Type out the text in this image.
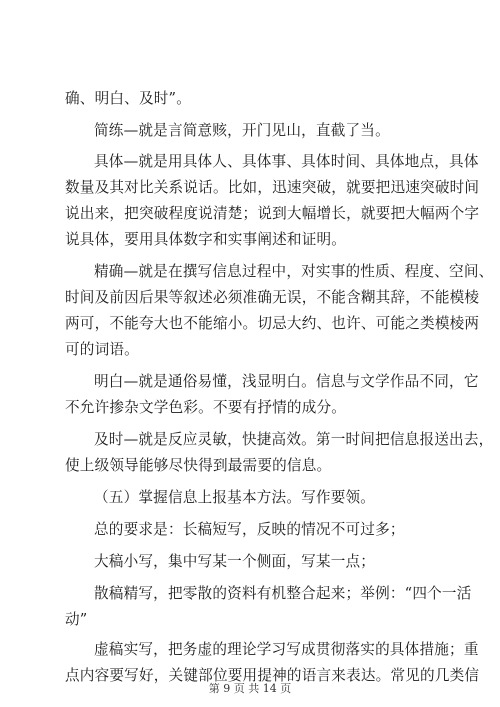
确、明白、及时”。
简练—就是言简意赅，开门见山，直截了当。
具体—就是用具体人、具体事、具体时间、具体地点，具体
数量及其对比关系说话。比如，迅速突破，就要把迅速突破时间
说出来，把突破程度说清楚；说到大幅增长，就要把大幅两个字
说具体，要用具体数字和实事阐述和证明。
精确—就是在撰写信息过程中，对实事的性质、程度、空间、
时间及前因后果等叙述必须准确无误，不能含糊其辞，不能模棱
两可，不能夸大也不能缩小。切忌大约、也许、可能之类模棱两
可的词语。
明白—就是通俗易懂，浅显明白。信息与文学作品不同，它
不允许掺杂文学色彩。不要有抒情的成分。
及时—就是反应灵敏，快捷高效。第一时间把信息报送出去，
使上级领导能够尽快得到最需要的信息。
（五）掌握信息上报基本方法。写作要领。
总的要求是：长稿短写，反映的情况不可过多；
大稿小写，集中写某一个侧面，写某一点；
散稿精写，把零散的资料有机整合起来；举例：“四个一活
动”
虚稿实写，把务虚的理论学习写成贯彻落实的具体措施；重
点内容要写好，关键部位要用提神的语言来表达。常见的几类信
第 9 页 共 14 页
